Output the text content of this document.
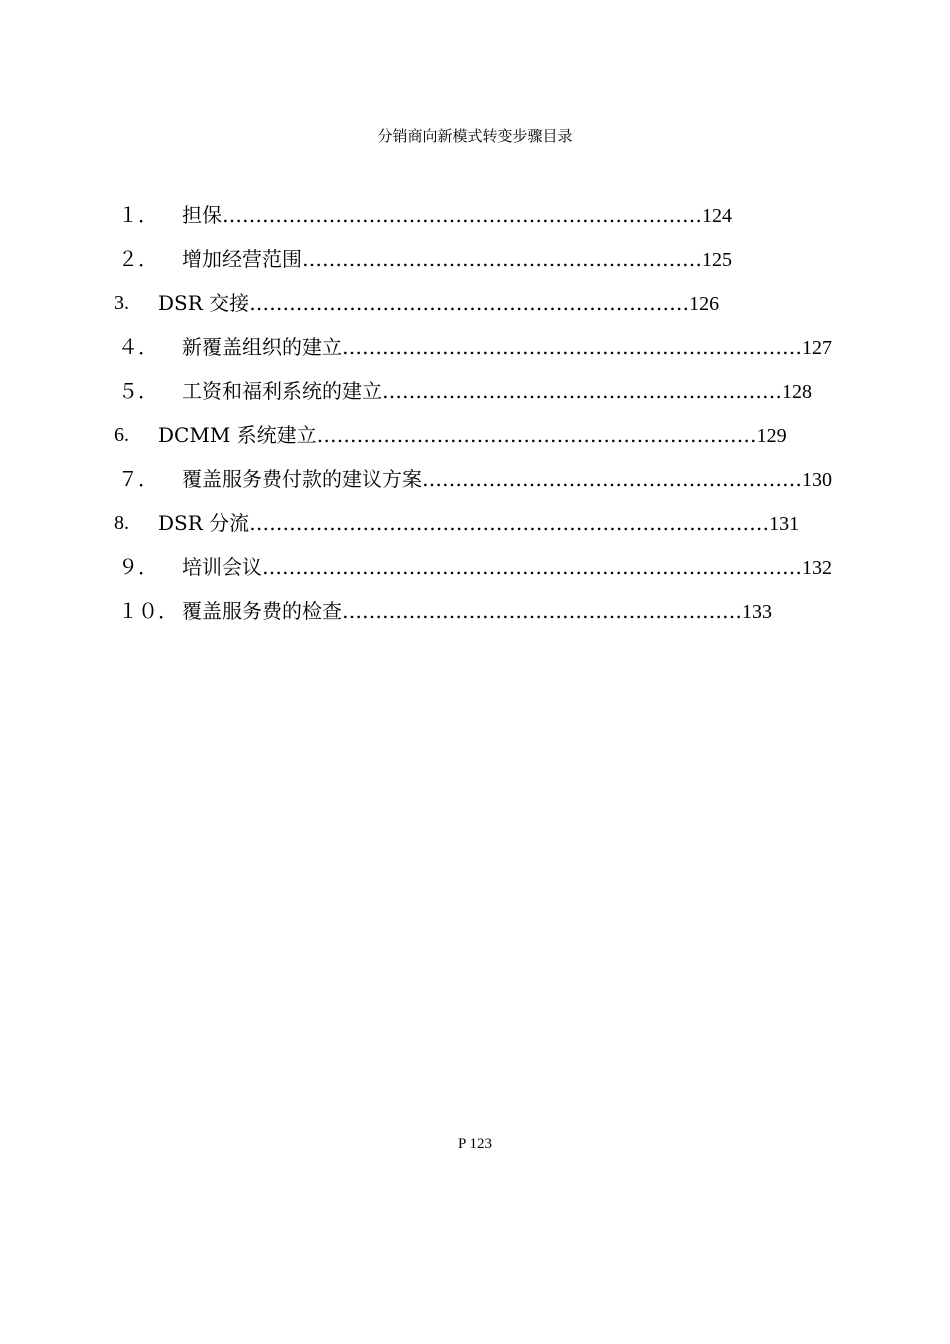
分销商向新模式转变步骤目录
１． 担保………………………………………………………………124
２． 增加经营范围……………………………………………………125
3. DSR 交接…………………………………………………………126
４． 新覆盖组织的建立……………………………………………………………127
５． 工资和福利系统的建立……………………………………………………128
6. DCMM 系统建立…………………………………………………………129
７． 覆盖服务费付款的建议方案…………………………………………………130
8. DSR 分流……………………………………………………………………131
９． 培训会议………………………………………………………………………132
１０． 覆盖服务费的检查……………………………………………………133
P 123
